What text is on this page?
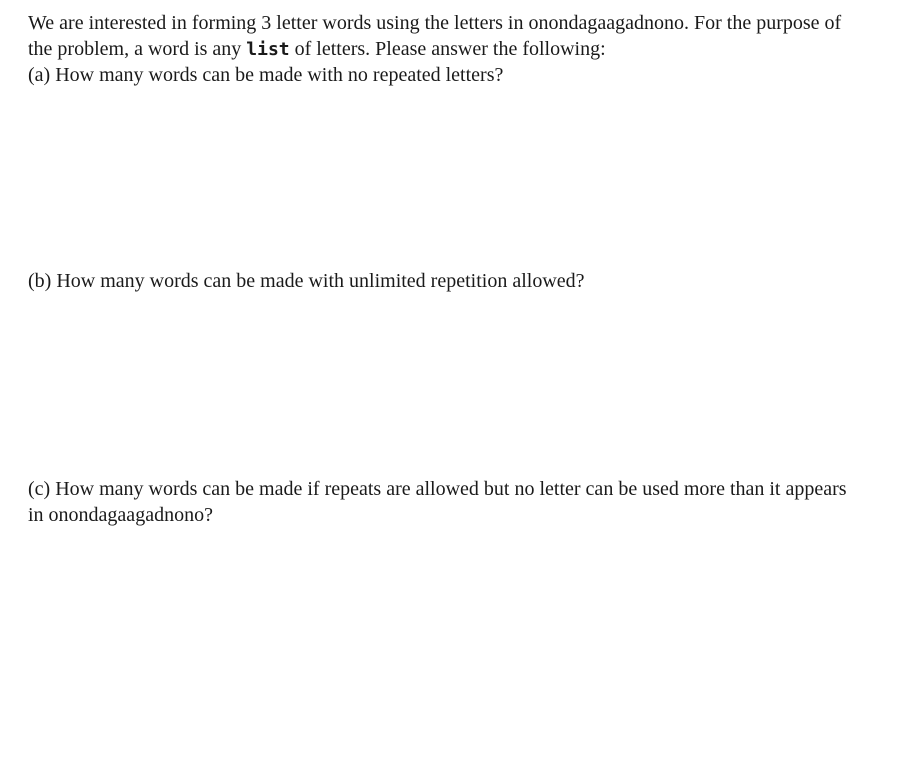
We are interested in forming 3 letter words using the letters in onondagaagadnono. For the purpose of the problem, a word is any list of letters. Please answer the following:

(a) How many words can be made with no repeated letters?

(b) How many words can be made with unlimited repetition allowed?

(c) How many words can be made if repeats are allowed but no letter can be used more than it appears in onondagaagadnono?
